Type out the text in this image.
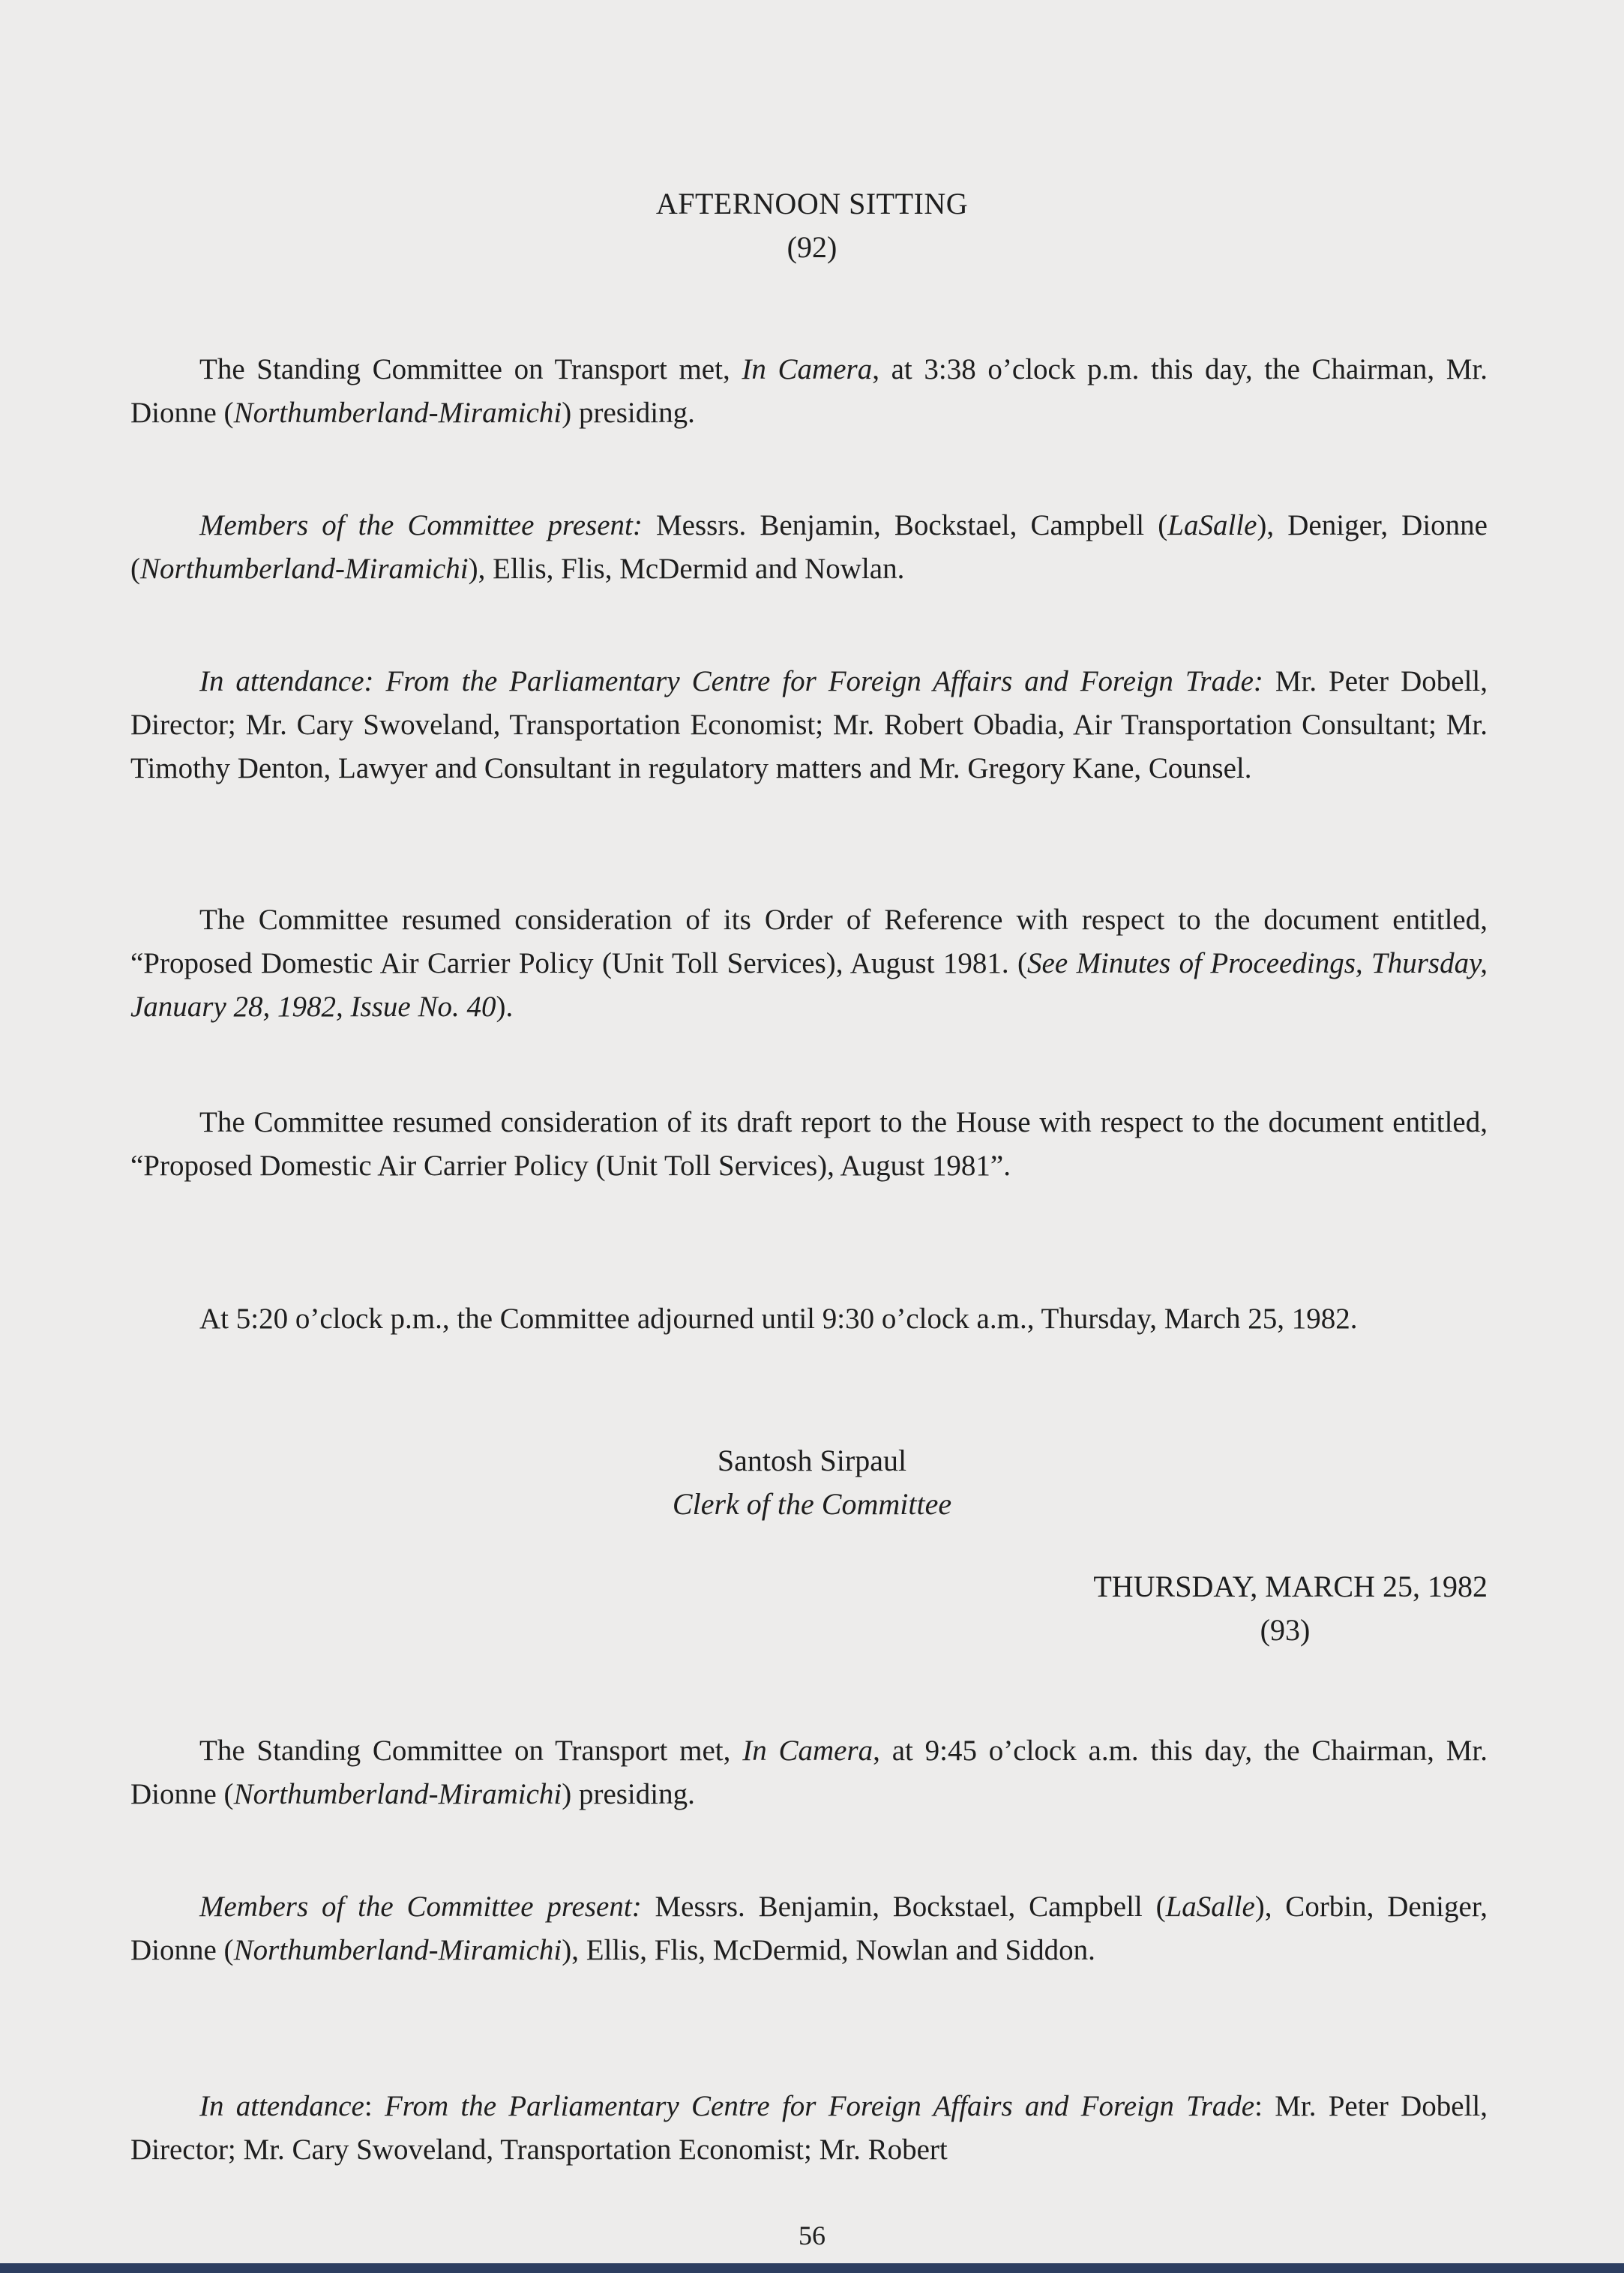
AFTERNOON SITTING
(92)
The Standing Committee on Transport met, In Camera, at 3:38 o’clock p.m. this day, the Chairman, Mr. Dionne (Northumberland-Miramichi) presiding.
Members of the Committee present: Messrs. Benjamin, Bockstael, Campbell (LaSalle), Deniger, Dionne (Northumberland-Miramichi), Ellis, Flis, McDermid and Nowlan.
In attendance: From the Parliamentary Centre for Foreign Affairs and Foreign Trade: Mr. Peter Dobell, Director; Mr. Cary Swoveland, Transportation Economist; Mr. Robert Obadia, Air Transportation Consultant; Mr. Timothy Denton, Lawyer and Consultant in regulatory matters and Mr. Gregory Kane, Counsel.
The Committee resumed consideration of its Order of Reference with respect to the document entitled, “Proposed Domestic Air Carrier Policy (Unit Toll Services), August 1981. (See Minutes of Proceedings, Thursday, January 28, 1982, Issue No. 40).
The Committee resumed consideration of its draft report to the House with respect to the document entitled, “Proposed Domestic Air Carrier Policy (Unit Toll Services), August 1981”.
At 5:20 o’clock p.m., the Committee adjourned until 9:30 o’clock a.m., Thursday, March 25, 1982.
Santosh Sirpaul
Clerk of the Committee
THURSDAY, MARCH 25, 1982
(93)
The Standing Committee on Transport met, In Camera, at 9:45 o’clock a.m. this day, the Chairman, Mr. Dionne (Northumberland-Miramichi) presiding.
Members of the Committee present: Messrs. Benjamin, Bockstael, Campbell (LaSalle), Corbin, Deniger, Dionne (Northumberland-Miramichi), Ellis, Flis, McDermid, Nowlan and Siddon.
In attendance: From the Parliamentary Centre for Foreign Affairs and Foreign Trade: Mr. Peter Dobell, Director; Mr. Cary Swoveland, Transportation Economist; Mr. Robert
56
